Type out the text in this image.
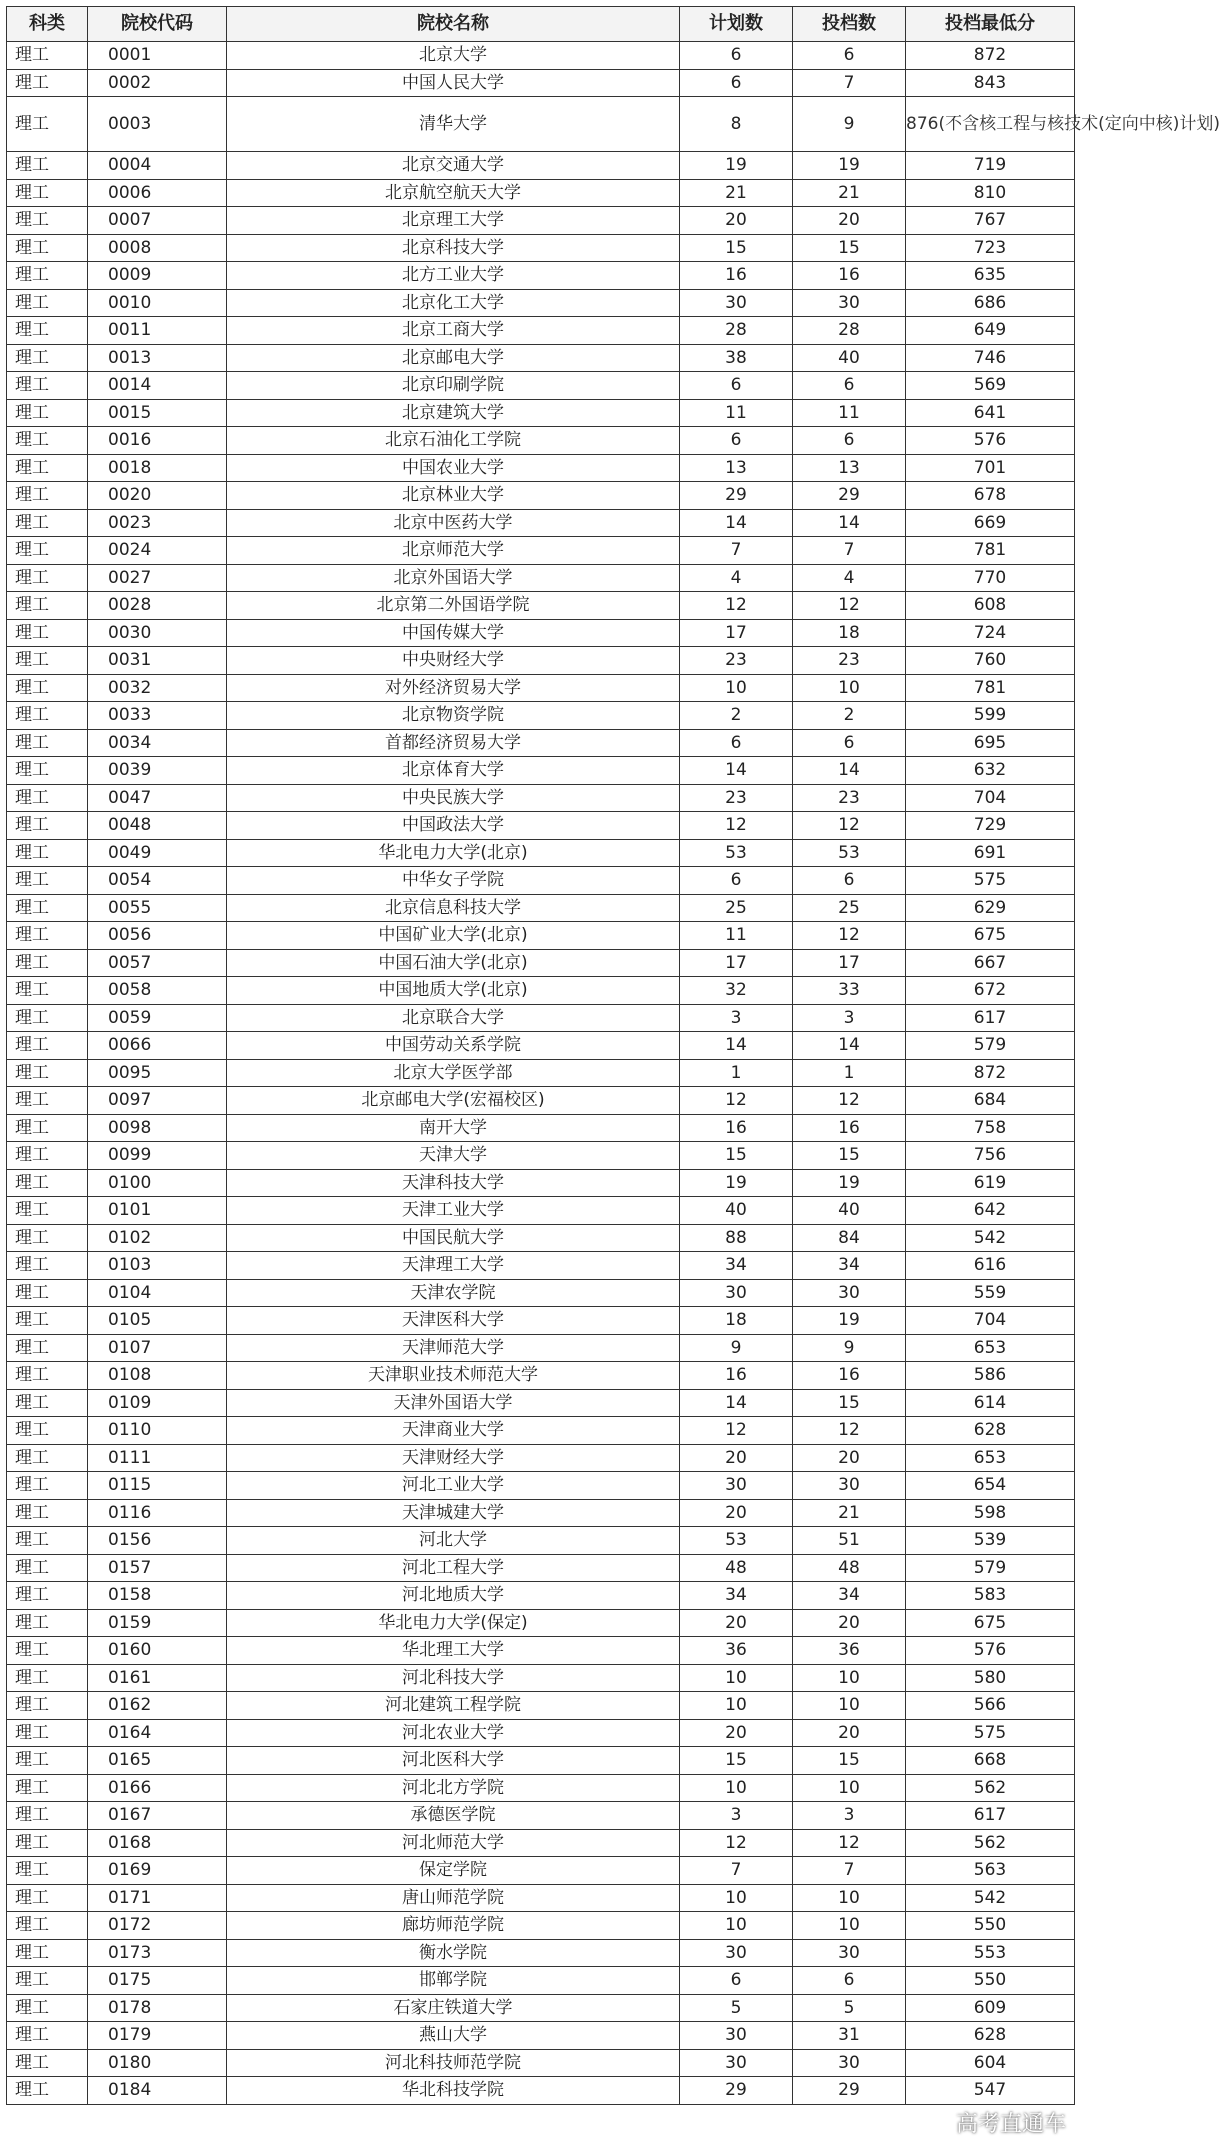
科类	院校代码	院校名称	计划数	投档数	投档最低分
理工	0001	北京大学	6	6	872
理工	0002	中国人民大学	6	7	843
理工	0003	清华大学	8	9	876(不含核工程与核技术(定向中核)计划)
理工	0004	北京交通大学	19	19	719
理工	0006	北京航空航天大学	21	21	810
理工	0007	北京理工大学	20	20	767
理工	0008	北京科技大学	15	15	723
理工	0009	北方工业大学	16	16	635
理工	0010	北京化工大学	30	30	686
理工	0011	北京工商大学	28	28	649
理工	0013	北京邮电大学	38	40	746
理工	0014	北京印刷学院	6	6	569
理工	0015	北京建筑大学	11	11	641
理工	0016	北京石油化工学院	6	6	576
理工	0018	中国农业大学	13	13	701
理工	0020	北京林业大学	29	29	678
理工	0023	北京中医药大学	14	14	669
理工	0024	北京师范大学	7	7	781
理工	0027	北京外国语大学	4	4	770
理工	0028	北京第二外国语学院	12	12	608
理工	0030	中国传媒大学	17	18	724
理工	0031	中央财经大学	23	23	760
理工	0032	对外经济贸易大学	10	10	781
理工	0033	北京物资学院	2	2	599
理工	0034	首都经济贸易大学	6	6	695
理工	0039	北京体育大学	14	14	632
理工	0047	中央民族大学	23	23	704
理工	0048	中国政法大学	12	12	729
理工	0049	华北电力大学(北京)	53	53	691
理工	0054	中华女子学院	6	6	575
理工	0055	北京信息科技大学	25	25	629
理工	0056	中国矿业大学(北京)	11	12	675
理工	0057	中国石油大学(北京)	17	17	667
理工	0058	中国地质大学(北京)	32	33	672
理工	0059	北京联合大学	3	3	617
理工	0066	中国劳动关系学院	14	14	579
理工	0095	北京大学医学部	1	1	872
理工	0097	北京邮电大学(宏福校区)	12	12	684
理工	0098	南开大学	16	16	758
理工	0099	天津大学	15	15	756
理工	0100	天津科技大学	19	19	619
理工	0101	天津工业大学	40	40	642
理工	0102	中国民航大学	88	84	542
理工	0103	天津理工大学	34	34	616
理工	0104	天津农学院	30	30	559
理工	0105	天津医科大学	18	19	704
理工	0107	天津师范大学	9	9	653
理工	0108	天津职业技术师范大学	16	16	586
理工	0109	天津外国语大学	14	15	614
理工	0110	天津商业大学	12	12	628
理工	0111	天津财经大学	20	20	653
理工	0115	河北工业大学	30	30	654
理工	0116	天津城建大学	20	21	598
理工	0156	河北大学	53	51	539
理工	0157	河北工程大学	48	48	579
理工	0158	河北地质大学	34	34	583
理工	0159	华北电力大学(保定)	20	20	675
理工	0160	华北理工大学	36	36	576
理工	0161	河北科技大学	10	10	580
理工	0162	河北建筑工程学院	10	10	566
理工	0164	河北农业大学	20	20	575
理工	0165	河北医科大学	15	15	668
理工	0166	河北北方学院	10	10	562
理工	0167	承德医学院	3	3	617
理工	0168	河北师范大学	12	12	562
理工	0169	保定学院	7	7	563
理工	0171	唐山师范学院	10	10	542
理工	0172	廊坊师范学院	10	10	550
理工	0173	衡水学院	30	30	553
理工	0175	邯郸学院	6	6	550
理工	0178	石家庄铁道大学	5	5	609
理工	0179	燕山大学	30	31	628
理工	0180	河北科技师范学院	30	30	604
理工	0184	华北科技学院	29	29	547
高考直通车
